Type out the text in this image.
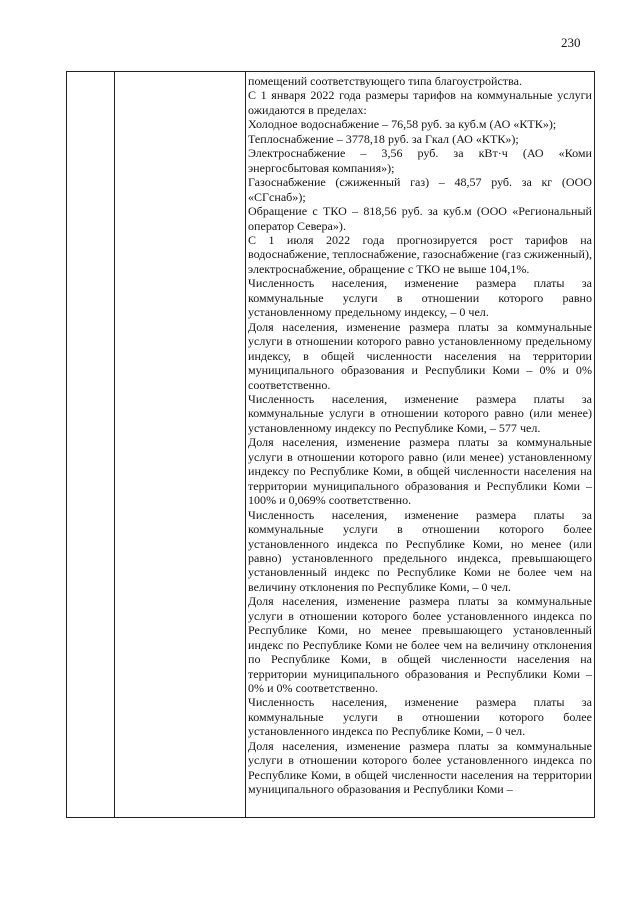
230

помещений соответствующего типа благоустройства.

С 1 января 2022 года размеры тарифов на коммунальные услуги ожидаются в пределах:

Холодное водоснабжение – 76,58 руб. за куб.м (АО «КТК»);

Теплоснабжение – 3778,18 руб. за Гкал (АО «КТК»);

Электроснабжение – 3,56 руб. за кВт·ч (АО «Коми энергосбытовая компания»);

Газоснабжение (сжиженный газ) – 48,57 руб. за кг (ООО «СГснаб»);

Обращение с ТКО – 818,56 руб. за куб.м (ООО «Региональный оператор Севера»).

С 1 июля 2022 года прогнозируется рост тарифов на водоснабжение, теплоснабжение, газоснабжение (газ сжиженный), электроснабжение, обращение с ТКО не выше 104,1%.

Численность населения, изменение размера платы за коммунальные услуги в отношении которого равно установленному предельному индексу, – 0 чел.

Доля населения, изменение размера платы за коммунальные услуги в отношении которого равно установленному предельному индексу, в общей численности населения на территории муниципального образования и Республики Коми – 0% и 0% соответственно.

Численность населения, изменение размера платы за коммунальные услуги в отношении которого равно (или менее) установленному индексу по Республике Коми, – 577 чел.

Доля населения, изменение размера платы за коммунальные услуги в отношении которого равно (или менее) установленному индексу по Республике Коми, в общей численности населения на территории муниципального образования и Республики Коми – 100% и 0,069% соответственно.

Численность населения, изменение размера платы за коммунальные услуги в отношении которого более установленного индекса по Республике Коми, но менее (или равно) установленного предельного индекса, превышающего установленный индекс по Республике Коми не более чем на величину отклонения по Республике Коми, – 0 чел.

Доля населения, изменение размера платы за коммунальные услуги в отношении которого более установленного индекса по Республике Коми, но менее превышающего установленный индекс по Республике Коми не более чем на величину отклонения по Республике Коми, в общей численности населения на территории муниципального образования и Республики Коми – 0% и 0% соответственно.

Численность населения, изменение размера платы за коммунальные услуги в отношении которого более установленного индекса по Республике Коми, – 0 чел.

Доля населения, изменение размера платы за коммунальные услуги в отношении которого более установленного индекса по Республике Коми, в общей численности населения на территории муниципального образования и Республики Коми –
